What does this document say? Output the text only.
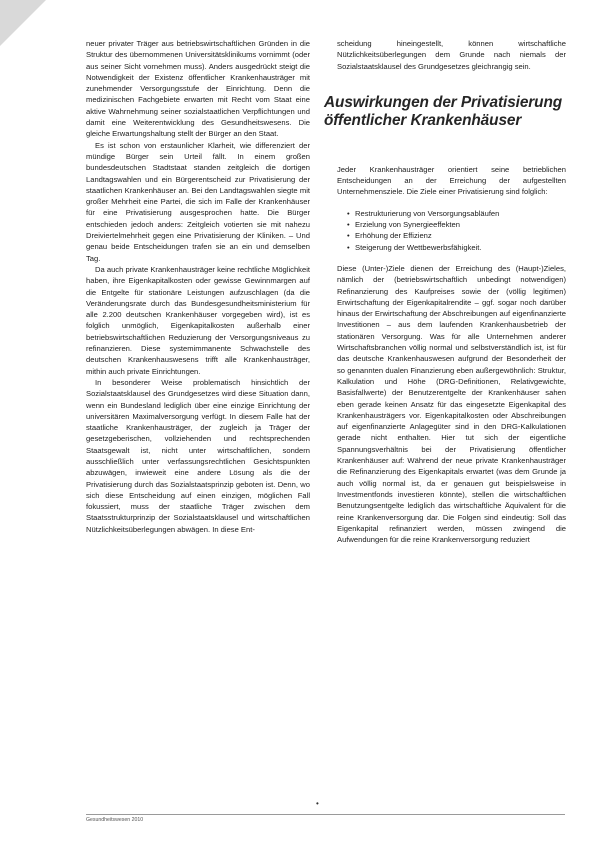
neuer privater Träger aus betriebswirtschaftlichen Gründen in die Struktur des übernommenen Universitätsklinikums vornimmt (oder aus seiner Sicht vornehmen muss). Anders ausgedrückt steigt die Notwendigkeit der Existenz öffentlicher Krankenhausträger mit zunehmender Versorgungsstufe der Einrichtung. Denn die medizinischen Fachgebiete erwarten mit Recht vom Staat eine aktive Wahrnehmung seiner sozialstaatlichen Verpflichtungen und damit eine Weiterentwicklung des Gesundheitswesens. Die gleiche Erwartungshaltung stellt der Bürger an den Staat.

Es ist schon von erstaunlicher Klarheit, wie differenziert der mündige Bürger sein Urteil fällt. In einem großen bundesdeutschen Stadtstaat standen zeitgleich die dortigen Landtagswahlen und ein Bürgerentscheid zur Privatisierung der staatlichen Krankenhäuser an. Bei den Landtagswahlen siegte mit großer Mehrheit eine Partei, die sich im Falle der Krankenhäuser für eine Privatisierung ausgesprochen hatte. Die Bürger entschieden jedoch anders: Zeitgleich votierten sie mit nahezu Dreiviertelmehrheit gegen eine Privatisierung der Kliniken. – Und genau beide Entscheidungen trafen sie an ein und demselben Tag.

Da auch private Krankenhausträger keine rechtliche Möglichkeit haben, ihre Eigenkapitalkosten oder gewisse Gewinnmargen auf die Entgelte für stationäre Leistungen aufzuschlagen (da die Veränderungsrate durch das Bundesgesundheitsministerium für alle 2.200 deutschen Krankenhäuser vorgegeben wird), ist es folglich unmöglich, Eigenkapitalkosten außerhalb einer betriebswirtschaftlichen Reduzierung der Versorgungsniveaus zu refinanzieren. Diese systemimmanente Schwachstelle des deutschen Krankenhauswesens trifft alle Krankenhausträger, mithin auch private Einrichtungen.

In besonderer Weise problematisch hinsichtlich der Sozialstaatsklausel des Grundgesetzes wird diese Situation dann, wenn ein Bundesland lediglich über eine einzige Einrichtung der universitären Maximalversorgung verfügt. In diesem Falle hat der staatliche Krankenhausträger, der zugleich ja Träger der gesetzgeberischen, vollziehenden und rechtsprechenden Staatsgewalt ist, nicht unter wirtschaftlichen, sondern ausschließlich unter verfassungsrechtlichen Gesichtspunkten abzuwägen, inwieweit eine andere Lösung als die der Privatisierung durch das Sozialstaatsprinzip geboten ist. Denn, wo sich diese Entscheidung auf einen einzigen, möglichen Fall fokussiert, muss der staatliche Träger zwischen dem Staatsstrukturprinzip der Sozialstaatsklausel und wirtschaftlichen Nützlichkeitsüberlegungen abwägen. In diese Ent-

scheidung hineingestellt, können wirtschaftliche Nützlichkeitsüberlegungen dem Grunde nach niemals der Sozialstaatsklausel des Grundgesetzes gleichrangig sein.

Auswirkungen der Privatisierung
öffentlicher Krankenhäuser

Jeder Krankenhausträger orientiert seine betrieblichen Entscheidungen an der Erreichung der aufgestellten Unternehmensziele. Die Ziele einer Privatisierung sind folglich:

• Restrukturierung von Versorgungsabläufen
• Erzielung von Synergieeffekten
• Erhöhung der Effizienz
• Steigerung der Wettbewerbsfähigkeit.

Diese (Unter-)Ziele dienen der Erreichung des (Haupt-)Zieles, nämlich der (betriebswirtschaftlich unbedingt notwendigen) Refinanzierung des Kaufpreises sowie der (völlig legitimen) Erwirtschaftung der Eigenkapitalrendite – ggf. sogar noch darüber hinaus der Erwirtschaftung der Abschreibungen auf eigenfinanzierte Investitionen – aus dem laufenden Krankenhausbetrieb der stationären Versorgung. Was für alle Unternehmen anderer Wirtschaftsbranchen völlig normal und selbstverständlich ist, ist für das deutsche Krankenhauswesen aufgrund der Besonderheit der so genannten dualen Finanzierung eben außergewöhnlich: Struktur, Kalkulation und Höhe (DRG-Definitionen, Relativgewichte, Basisfallwerte) der Benutzerentgelte der Krankenhäuser sahen eben gerade keinen Ansatz für das eingesetzte Eigenkapital des Krankenhausträgers vor. Eigenkapitalkosten oder Abschreibungen auf eigenfinanzierte Anlagegüter sind in den DRG-Kalkulationen gerade nicht enthalten. Hier tut sich der eigentliche Spannungsverhältnis bei der Privatisierung öffentlicher Krankenhäuser auf: Während der neue private Krankenhausträger die Refinanzierung des Eigenkapitals erwartet (was dem Grunde ja auch völlig normal ist, da er genauen gut beispielsweise in Investmentfonds investieren könnte), stellen die wirtschaftlichen Benutzungsentgelte lediglich das wirtschaftliche Äquivalent für die reine Krankenversorgung dar. Die Folgen sind eindeutig: Soll das Eigenkapital refinanziert werden, müssen zwingend die Aufwendungen für die reine Krankenversorgung reduziert

•
Gesundheitswesen 2010
